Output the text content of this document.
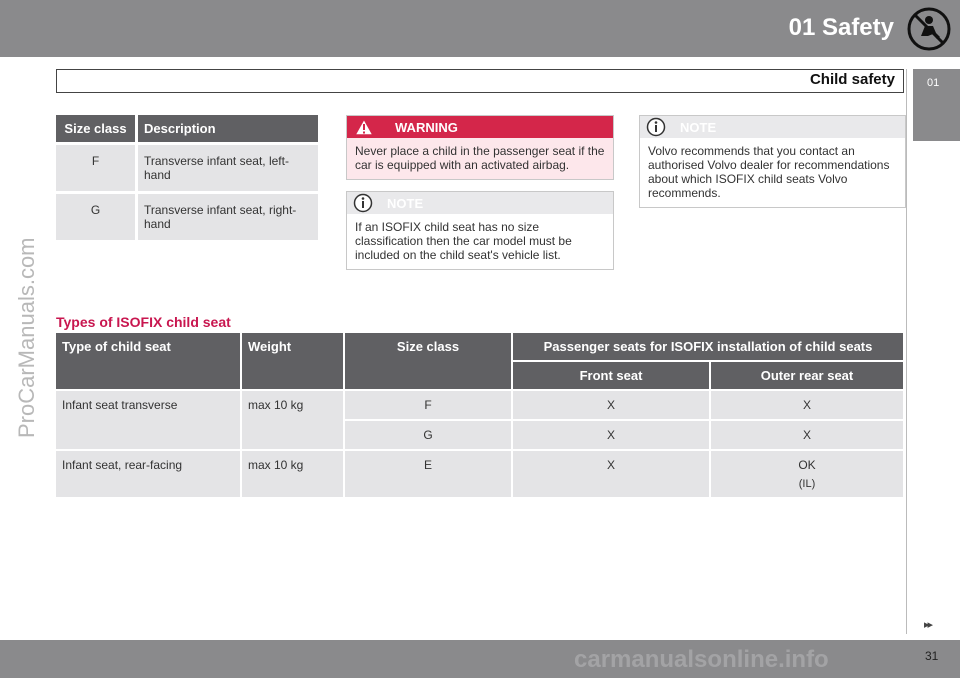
01 Safety
Child safety	01
ProCarManuals.com
Size class	Description
F	Transverse infant seat, left-hand
G	Transverse infant seat, right-hand
WARNING
Never place a child in the passenger seat if the car is equipped with an activated airbag.
NOTE
If an ISOFIX child seat has no size classification then the car model must be included on the child seat's vehicle list.
NOTE
Volvo recommends that you contact an authorised Volvo dealer for recommendations about which ISOFIX child seats Volvo recommends.
Types of ISOFIX child seat
Type of child seat	Weight	Size class	Passenger seats for ISOFIX installation of child seats	
			Front seat	Outer rear seat
Infant seat transverse	max 10 kg	F	X	X
		G	X	X
Infant seat, rear-facing	max 10 kg	E	X	OK
(IL)
▸▸
carmanualsonline.info	31
